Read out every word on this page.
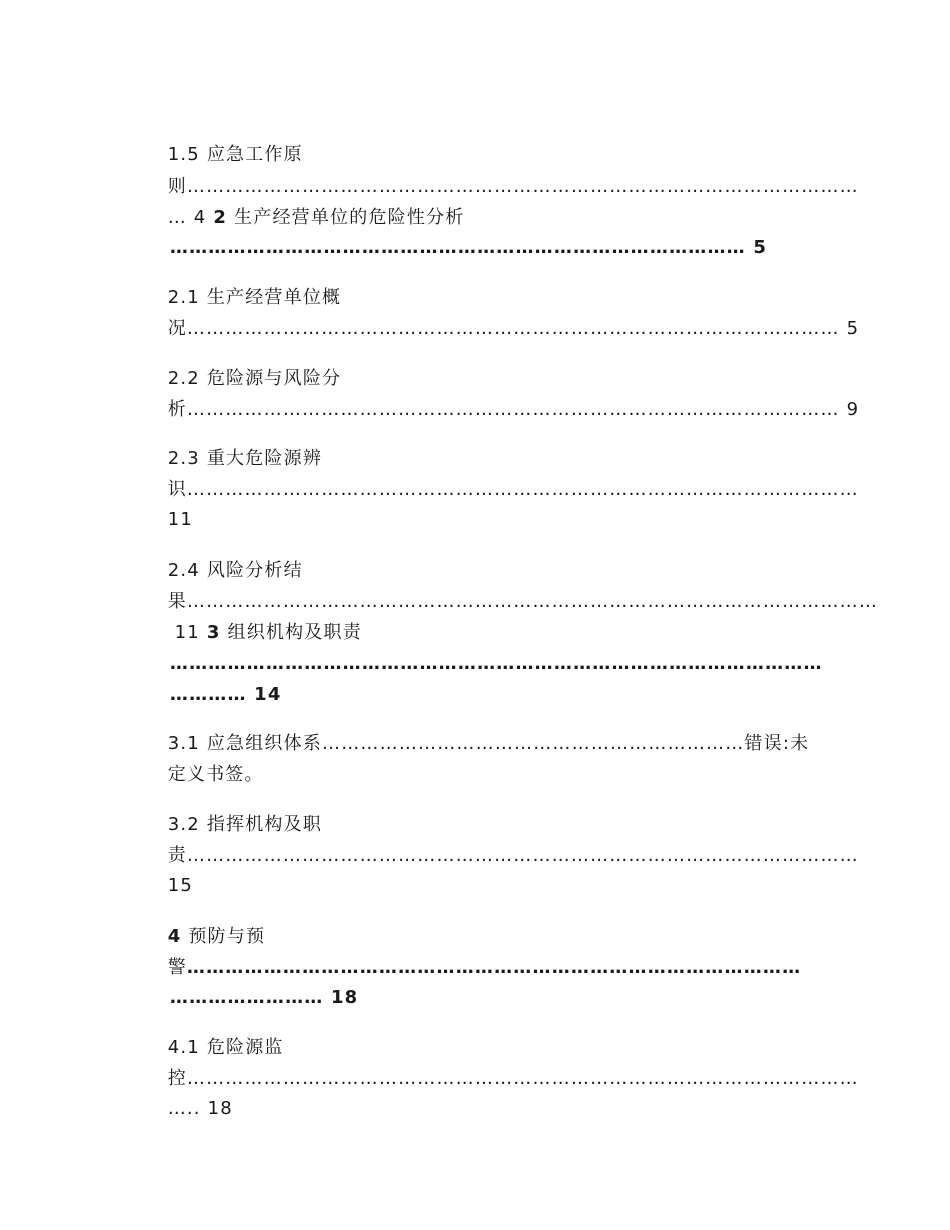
1.5 应急工作原

则……………………………………………………………………………………………

… 4 2 生产经营单位的危险性分析

……………………………………………………………………………… 5

2.1 生产经营单位概

况………………………………………………………………………………………… 5

2.2 危险源与风险分

析………………………………………………………………………………………… 9

2.3 重大危险源辨

识……………………………………………………………………………………………

11

2.4 风险分析结

果………………………………………………………………………………………………

11 3 组织机构及职责

…………………………………………………………………………………………

………… 14

3.1 应急组织体系…………………………………………………………错误:未

定义书签。

3.2 指挥机构及职

责……………………………………………………………………………………………

15

4 预防与预

警……………………………………………………………………………………

…………………… 18

4.1 危险源监

控……………………………………………………………………………………………

….. 18
